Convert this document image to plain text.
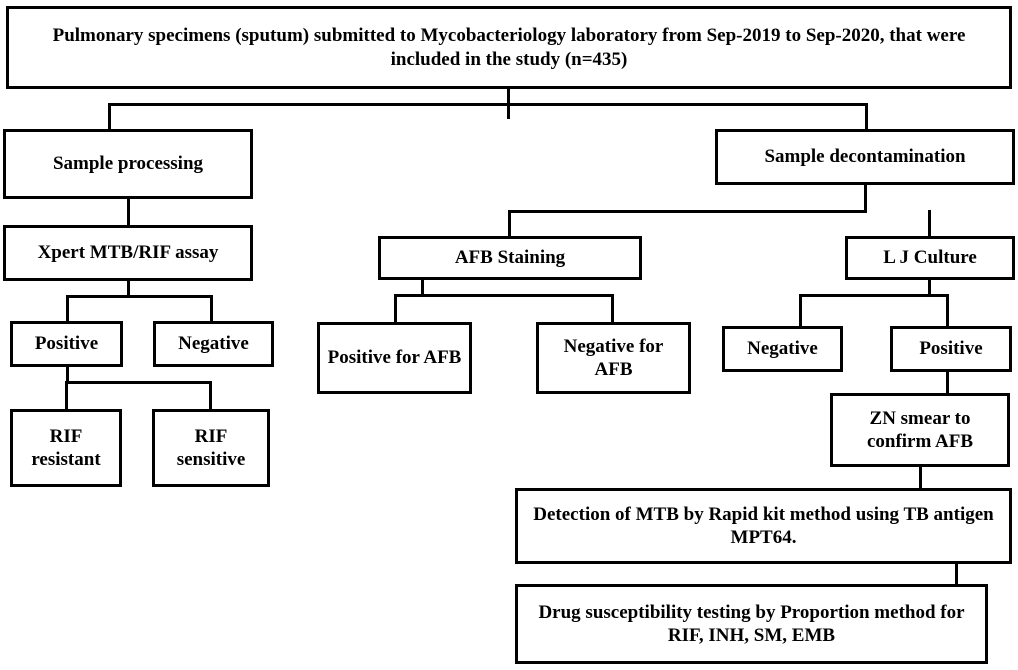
Pulmonary specimens (sputum) submitted to Mycobacteriology laboratory from Sep-2019 to Sep-2020, that were included in the study (n=435)
Sample processing	Sample decontamination
Xpert MTB/RIF assay	AFB Staining	L J Culture
Positive	Negative
RIF resistant
RIF sensitive
Positive for AFB
Negative for AFB
Negative	Positive
ZN smear to confirm AFB
Detection of MTB by Rapid kit method using TB antigen MPT64.
Drug susceptibility testing by Proportion method for RIF, INH, SM, EMB
